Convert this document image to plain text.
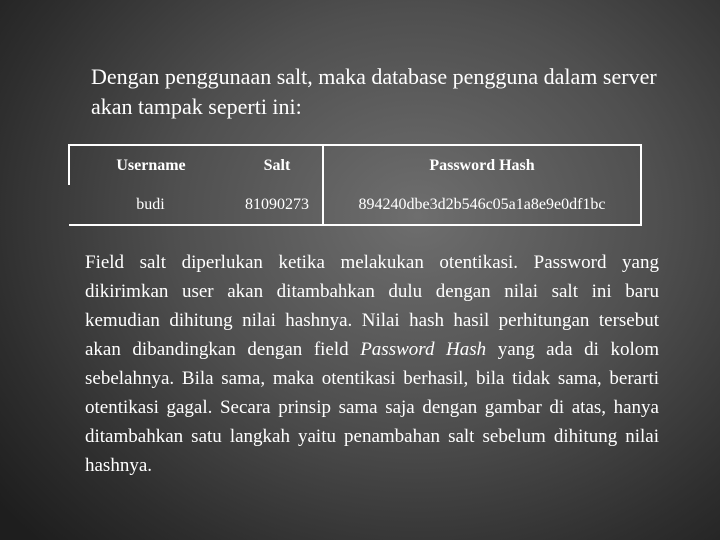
Dengan penggunaan salt, maka database pengguna dalam server akan tampak seperti ini:

Username	Salt	Password Hash
budi	81090273	894240dbe3d2b546c05a1a8e9e0df1bc

Field salt diperlukan ketika melakukan otentikasi. Password yang dikirimkan user akan ditambahkan dulu dengan nilai salt ini baru kemudian dihitung nilai hashnya. Nilai hash hasil perhitungan tersebut akan dibandingkan dengan field Password Hash yang ada di kolom sebelahnya. Bila sama, maka otentikasi berhasil, bila tidak sama, berarti otentikasi gagal. Secara prinsip sama saja dengan gambar di atas, hanya ditambahkan satu langkah yaitu penambahan salt sebelum dihitung nilai hashnya.
